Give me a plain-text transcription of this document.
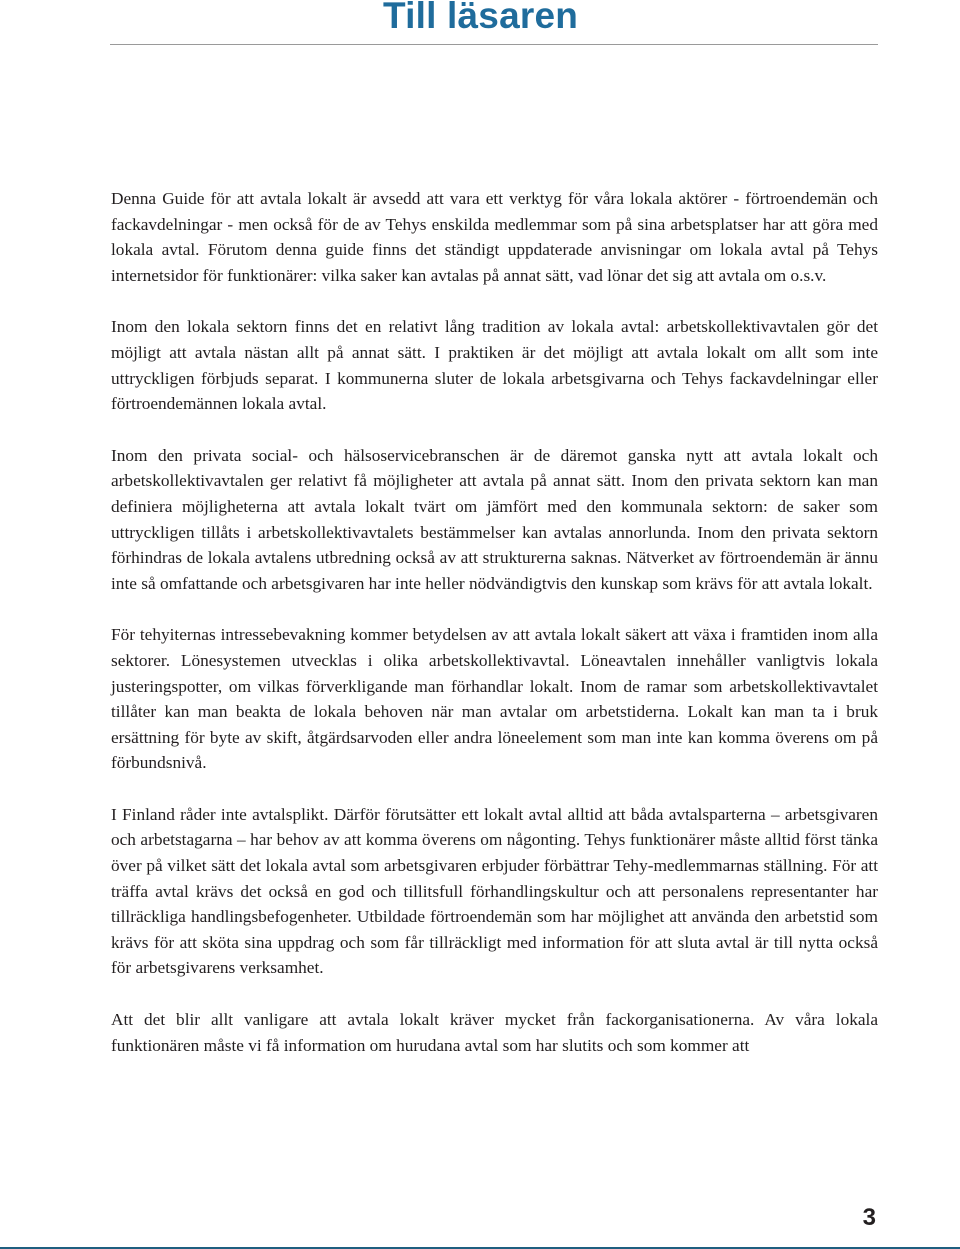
Till läsaren

Denna Guide för att avtala lokalt är avsedd att vara ett verktyg för våra lokala aktörer - förtroendemän och fackavdelningar - men också för de av Tehys enskilda medlemmar som på sina arbetsplatser har att göra med lokala avtal. Förutom denna guide finns det ständigt uppdaterade anvisningar om lokala avtal på Tehys internetsidor för funktionärer: vilka saker kan avtalas på annat sätt, vad lönar det sig att avtala om o.s.v.

Inom den lokala sektorn finns det en relativt lång tradition av lokala avtal: arbetskollektivavtalen gör det möjligt att avtala nästan allt på annat sätt. I praktiken är det möjligt att avtala lokalt om allt som inte uttryckligen förbjuds separat. I kommunerna sluter de lokala arbetsgivarna och Tehys fackavdelningar eller förtroendemännen lokala avtal.

Inom den privata social- och hälsoservicebranschen är de däremot ganska nytt att avtala lokalt och arbetskollektivavtalen ger relativt få möjligheter att avtala på annat sätt. Inom den privata sektorn kan man definiera möjligheterna att avtala lokalt tvärt om jämfört med den kommunala sektorn: de saker som uttryckligen tillåts i arbetskollektivavtalets bestämmelser kan avtalas annorlunda. Inom den privata sektorn förhindras de lokala avtalens utbredning också av att strukturerna saknas. Nätverket av förtroendemän är ännu inte så omfattande och arbetsgivaren har inte heller nödvändigtvis den kunskap som krävs för att avtala lokalt.

För tehyiternas intressebevakning kommer betydelsen av att avtala lokalt säkert att växa i framtiden inom alla sektorer. Lönesystemen utvecklas i olika arbetskollektivavtal. Löneavtalen innehåller vanligtvis lokala justeringspotter, om vilkas förverkligande man förhandlar lokalt. Inom de ramar som arbetskollektivavtalet tillåter kan man beakta de lokala behoven när man avtalar om arbetstiderna. Lokalt kan man ta i bruk ersättning för byte av skift, åtgärdsarvoden eller andra löneelement som man inte kan komma överens om på förbundsnivå.

I Finland råder inte avtalsplikt. Därför förutsätter ett lokalt avtal alltid att båda avtalsparterna – arbetsgivaren och arbetstagarna – har behov av att komma överens om någonting. Tehys funktionärer måste alltid först tänka över på vilket sätt det lokala avtal som arbetsgivaren erbjuder förbättrar Tehy-medlemmarnas ställning. För att träffa avtal krävs det också en god och tillitsfull förhandlingskultur och att personalens representanter har tillräckliga handlingsbefogenheter. Utbildade förtroendemän som har möjlighet att använda den arbetstid som krävs för att sköta sina uppdrag och som får tillräckligt med information för att sluta avtal är till nytta också för arbetsgivarens verksamhet.

Att det blir allt vanligare att avtala lokalt kräver mycket från fackorganisationerna. Av våra lokala funktionären måste vi få information om hurudana avtal som har slutits och som kommer att

3
